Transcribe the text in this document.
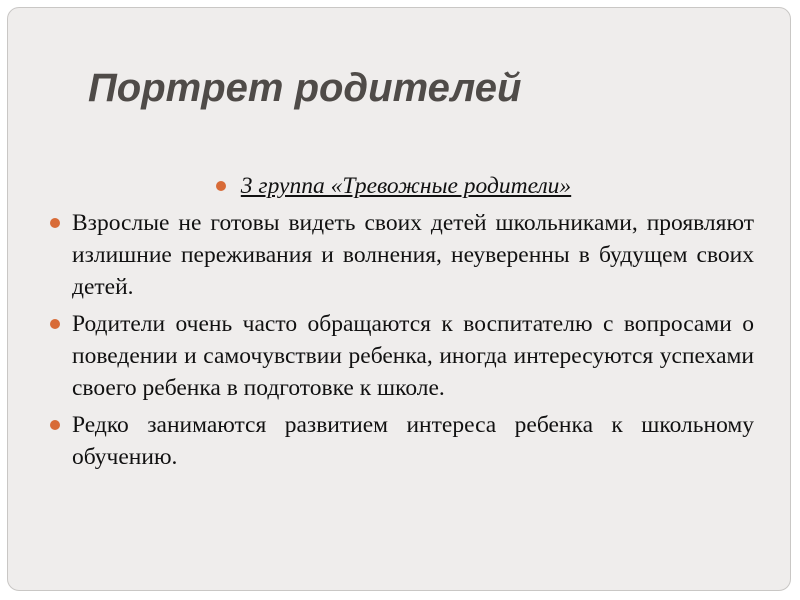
Портрет родителей
3 группа «Тревожные родители»
Взрослые не готовы видеть своих детей школьниками, проявляют излишние переживания и волнения, неуверенны в будущем своих детей.
Родители очень часто обращаются к воспитателю с вопросами о поведении и самочувствии ребенка, иногда интересуются успехами своего ребенка в подготовке к школе.
Редко занимаются развитием интереса ребенка к школьному обучению.
